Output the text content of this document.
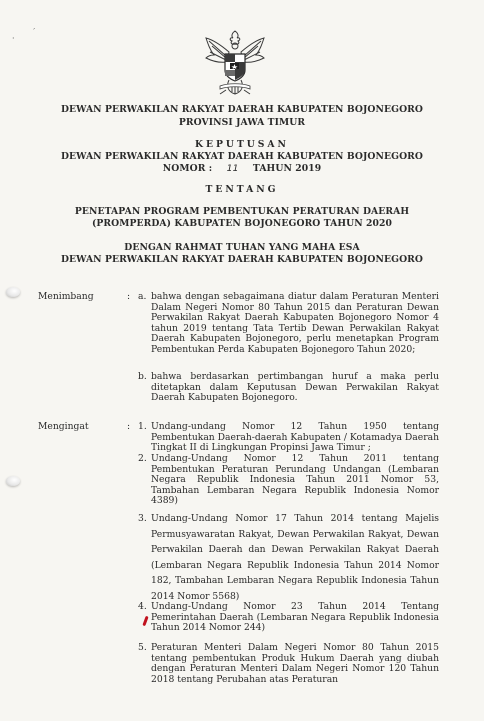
·
ˊ
DEWAN PERWAKILAN RAKYAT DAERAH KABUPATEN BOJONEGORO
PROVINSI JAWA TIMUR
KEPUTUSAN
DEWAN PERWAKILAN RAKYAT DAERAH KABUPATEN BOJONEGORO
NOMOR : 11 TAHUN 2019
TENTANG
PENETAPAN PROGRAM PEMBENTUKAN PERATURAN DAERAH
(PROMPERDA) KABUPATEN BOJONEGORO TAHUN 2020
DENGAN RAHMAT TUHAN YANG MAHA ESA
DEWAN PERWAKILAN RAKYAT DAERAH KABUPATEN BOJONEGORO
Menimbang	: a. bahwa dengan sebagaimana diatur dalam Peraturan Menteri Dalam Negeri Nomor 80 Tahun 2015 dan Peraturan Dewan Perwakilan Rakyat Daerah Kabupaten Bojonegoro Nomor 4 tahun 2019 tentang Tata Tertib Dewan Perwakilan Rakyat Daerah Kabupaten Bojonegoro, perlu menetapkan Program Pembentukan Perda Kabupaten Bojonegoro Tahun 2020;
b. bahwa berdasarkan pertimbangan huruf a maka perlu ditetapkan dalam Keputusan Dewan Perwakilan Rakyat Daerah Kabupaten Bojonegoro.
Mengingat	: 1. Undang-undang Nomor 12 Tahun 1950 tentang Pembentukan Daerah-daerah Kabupaten / Kotamadya Daerah Tingkat II di Lingkungan Propinsi Jawa Timur ;
2. Undang-Undang Nomor 12 Tahun 2011 tentang Pembentukan Peraturan Perundang Undangan (Lembaran Negara Republik Indonesia Tahun 2011 Nomor 53, Tambahan Lembaran Negara Republik Indonesia Nomor 4389)
3. Undang-Undang Nomor 17 Tahun 2014 tentang Majelis Permusyawaratan Rakyat, Dewan Perwakilan Rakyat, Dewan Perwakilan Daerah dan Dewan Perwakilan Rakyat Daerah (Lembaran Negara Republik Indonesia Tahun 2014 Nomor 182, Tambahan Lembaran Negara Republik Indonesia Tahun 2014 Nomor 5568)
4. Undang-Undang Nomor 23 Tahun 2014 Tentang Pemerintahan Daerah (Lembaran Negara Republik Indonesia Tahun 2014 Nomor 244)
5. Peraturan Menteri Dalam Negeri Nomor 80 Tahun 2015 tentang pembentukan Produk Hukum Daerah yang diubah dengan Peraturan Menteri Dalam Negeri Nomor 120 Tahun 2018 tentang Perubahan atas Peraturan
